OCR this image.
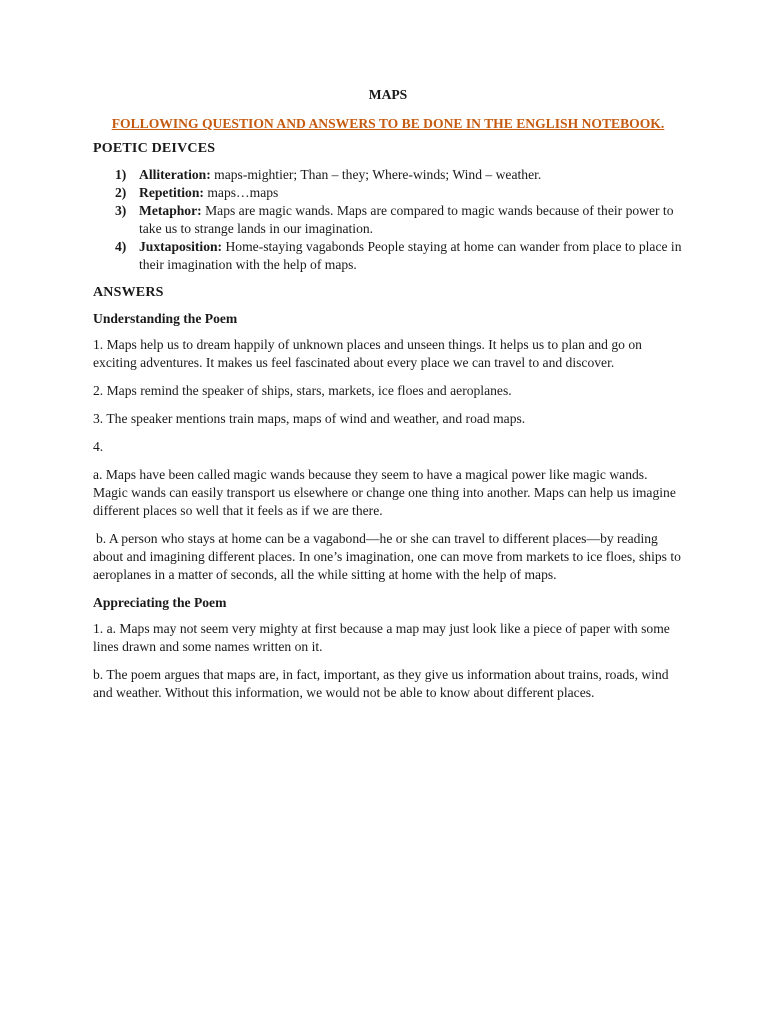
MAPS
FOLLOWING QUESTION AND ANSWERS TO BE DONE IN THE ENGLISH NOTEBOOK.
POETIC DEIVCES
1) Alliteration: maps-mightier; Than – they; Where-winds; Wind – weather.
2) Repetition: maps…maps
3) Metaphor: Maps are magic wands. Maps are compared to magic wands because of their power to take us to strange lands in our imagination.
4) Juxtaposition: Home-staying vagabonds People staying at home can wander from place to place in their imagination with the help of maps.
ANSWERS
Understanding the Poem

1. Maps help us to dream happily of unknown places and unseen things. It helps us to plan and go on exciting adventures. It makes us feel fascinated about every place we can travel to and discover.

2. Maps remind the speaker of ships, stars, markets, ice floes and aeroplanes.

3. The speaker mentions train maps, maps of wind and weather, and road maps.

4.

a. Maps have been called magic wands because they seem to have a magical power like magic wands. Magic wands can easily transport us elsewhere or change one thing into another. Maps can help us imagine different places so well that it feels as if we are there.

b. A person who stays at home can be a vagabond—he or she can travel to different places—by reading about and imagining different places. In one’s imagination, one can move from markets to ice floes, ships to aeroplanes in a matter of seconds, all the while sitting at home with the help of maps.

Appreciating the Poem

1. a. Maps may not seem very mighty at first because a map may just look like a piece of paper with some lines drawn and some names written on it.

b. The poem argues that maps are, in fact, important, as they give us information about trains, roads, wind and weather. Without this information, we would not be able to know about different places.
